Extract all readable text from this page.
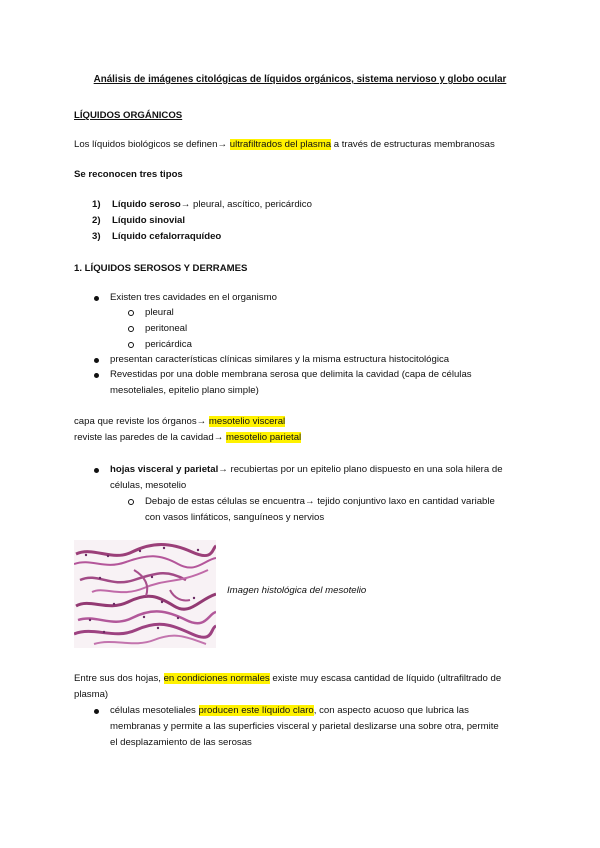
Análisis de imágenes citológicas de líquidos orgánicos, sistema nervioso y globo ocular
LÍQUIDOS ORGÁNICOS
Los líquidos biológicos se definen→ ultrafiltrados del plasma a través de estructuras membranosas
Se reconocen tres tipos
1) Líquido seroso→ pleural, ascítico, pericárdico
2) Líquido sinovial
3) Líquido cefalorraquídeo
1. LÍQUIDOS SEROSOS Y DERRAMES
Existen tres cavidades en el organismo
pleural
peritoneal
pericárdica
presentan características clínicas similares y la misma estructura histocitológica
Revestidas por una doble membrana serosa que delimita la cavidad (capa de células
mesoteliales, epitelio plano simple)
capa que reviste los órganos→ mesotelio visceral
reviste las paredes de la cavidad→ mesotelio parietal
hojas visceral y parietal→ recubiertas por un epitelio plano dispuesto en una sola hilera de
células, mesotelio
Debajo de estas células se encuentra→ tejido conjuntivo laxo en cantidad variable
con vasos linfáticos, sanguíneos y nervios
Imagen histológica del mesotelio
Entre sus dos hojas, en condiciones normales existe muy escasa cantidad de líquido (ultrafiltrado de
plasma)
células mesoteliales producen este líquido claro, con aspecto acuoso que lubrica las
membranas y permite a las superficies visceral y parietal deslizarse una sobre otra, permite
el desplazamiento de las serosas
